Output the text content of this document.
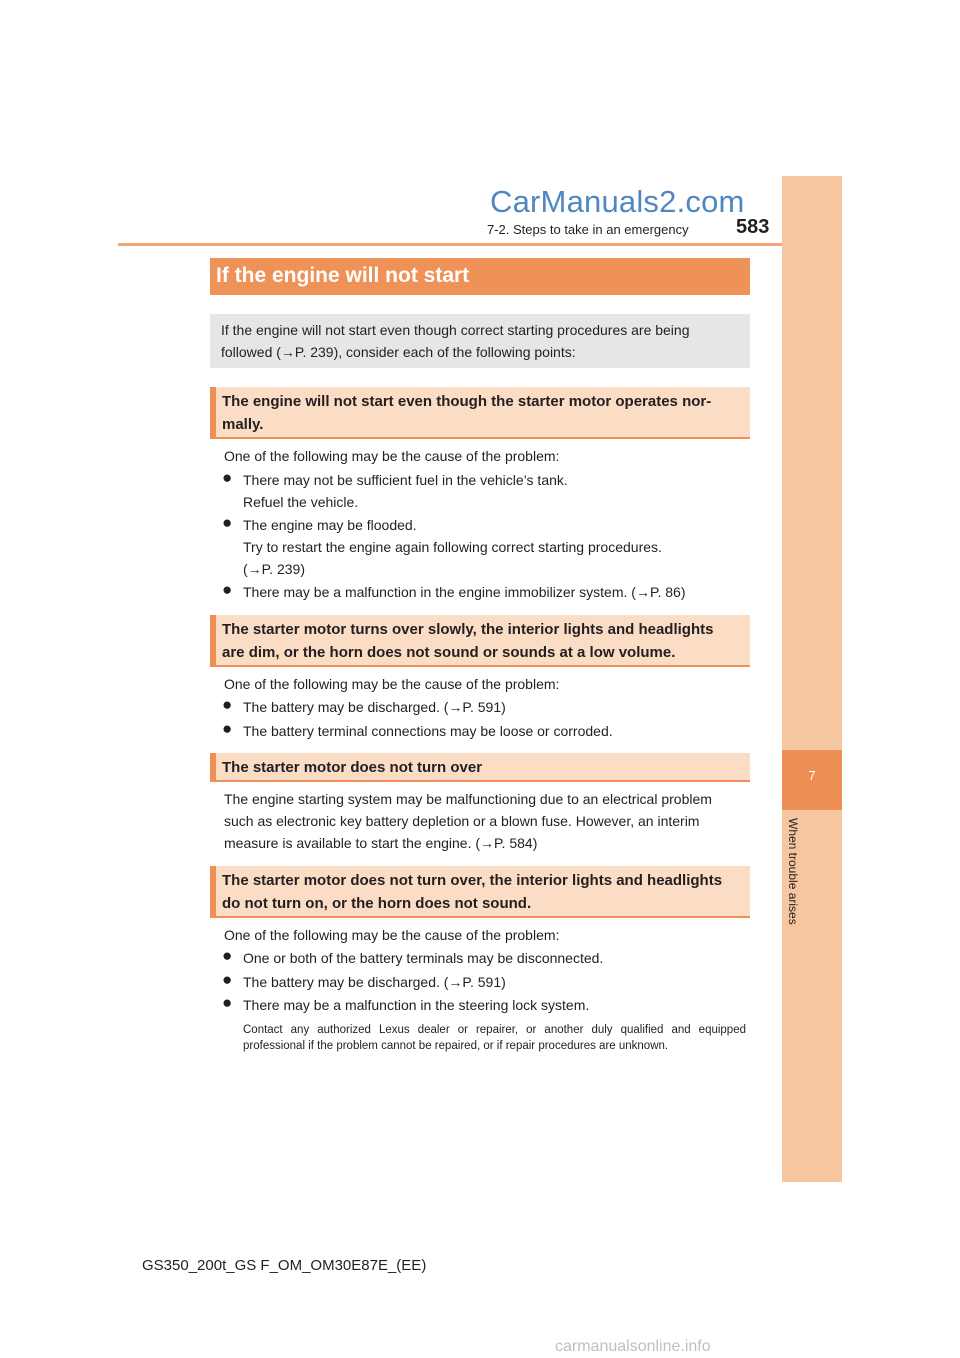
CarManuals2.com
7-2. Steps to take in an emergency 583
7
When trouble arises
If the engine will not start
If the engine will not start even though correct starting procedures are being
followed (→P. 239), consider each of the following points:
The engine will not start even though the starter motor operates nor-
mally.
One of the following may be the cause of the problem:
● There may not be sufficient fuel in the vehicle’s tank.
Refuel the vehicle.
● The engine may be flooded.
Try to restart the engine again following correct starting procedures.
(→P. 239)
● There may be a malfunction in the engine immobilizer system. (→P. 86)
The starter motor turns over slowly, the interior lights and headlights
are dim, or the horn does not sound or sounds at a low volume.
One of the following may be the cause of the problem:
● The battery may be discharged. (→P. 591)
● The battery terminal connections may be loose or corroded.
The starter motor does not turn over
The engine starting system may be malfunctioning due to an electrical problem
such as electronic key battery depletion or a blown fuse. However, an interim
measure is available to start the engine. (→P. 584)
The starter motor does not turn over, the interior lights and headlights
do not turn on, or the horn does not sound.
One of the following may be the cause of the problem:
● One or both of the battery terminals may be disconnected.
● The battery may be discharged. (→P. 591)
● There may be a malfunction in the steering lock system.
Contact any authorized Lexus dealer or repairer, or another duly qualified and equipped professional if the problem cannot be repaired, or if repair procedures are unknown.
GS350_200t_GS F_OM_OM30E87E_(EE)
carmanualsonline.info
